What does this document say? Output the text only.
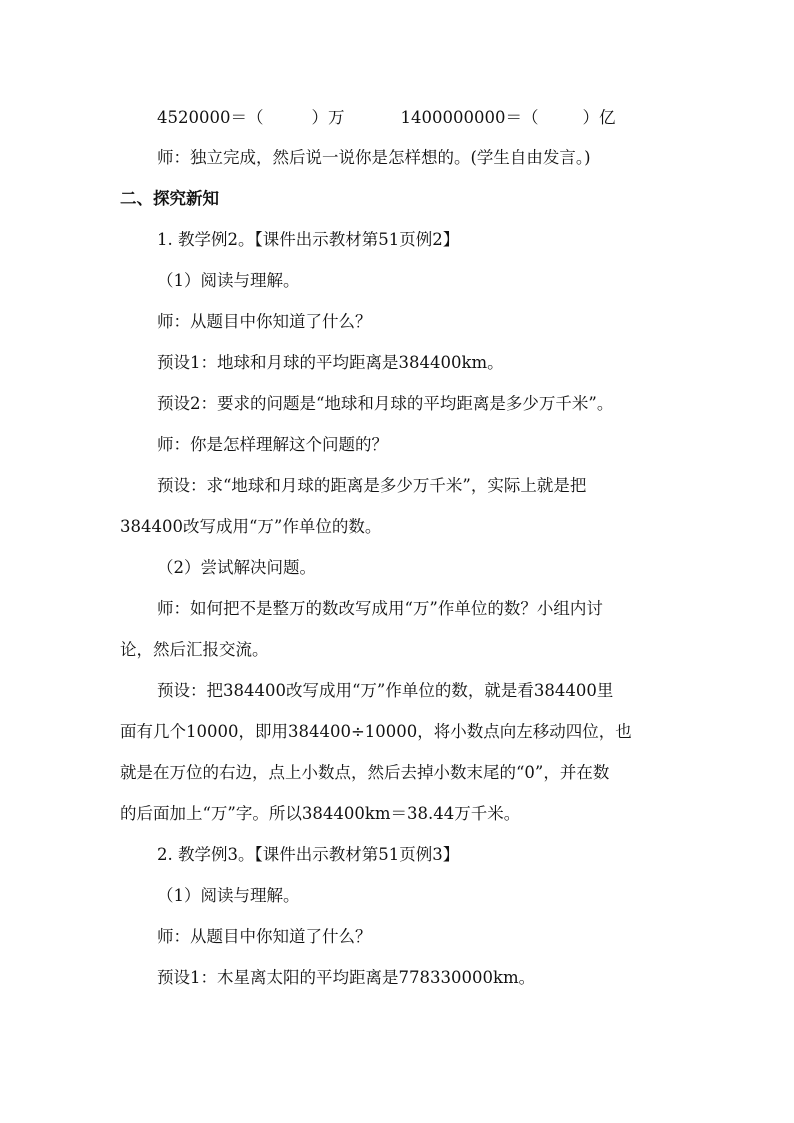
4520000＝（	）万	1400000000＝（	）亿
师：独立完成，然后说一说你是怎样想的。(学生自由发言。)
二、探究新知
1. 教学例2。【课件出示教材第51页例2】
（1）阅读与理解。
师：从题目中你知道了什么？
预设1：地球和月球的平均距离是384400km。
预设2：要求的问题是“地球和月球的平均距离是多少万千米”。
师：你是怎样理解这个问题的？
预设：求“地球和月球的距离是多少万千米”，实际上就是把
384400改写成用“万”作单位的数。
（2）尝试解决问题。
师：如何把不是整万的数改写成用“万”作单位的数？小组内讨
论，然后汇报交流。
预设：把384400改写成用“万”作单位的数，就是看384400里
面有几个10000，即用384400÷10000，将小数点向左移动四位，也
就是在万位的右边，点上小数点，然后去掉小数末尾的“0”，并在数
的后面加上“万”字。所以384400km＝38.44万千米。
2. 教学例3。【课件出示教材第51页例3】
（1）阅读与理解。
师：从题目中你知道了什么？
预设1：木星离太阳的平均距离是778330000km。
